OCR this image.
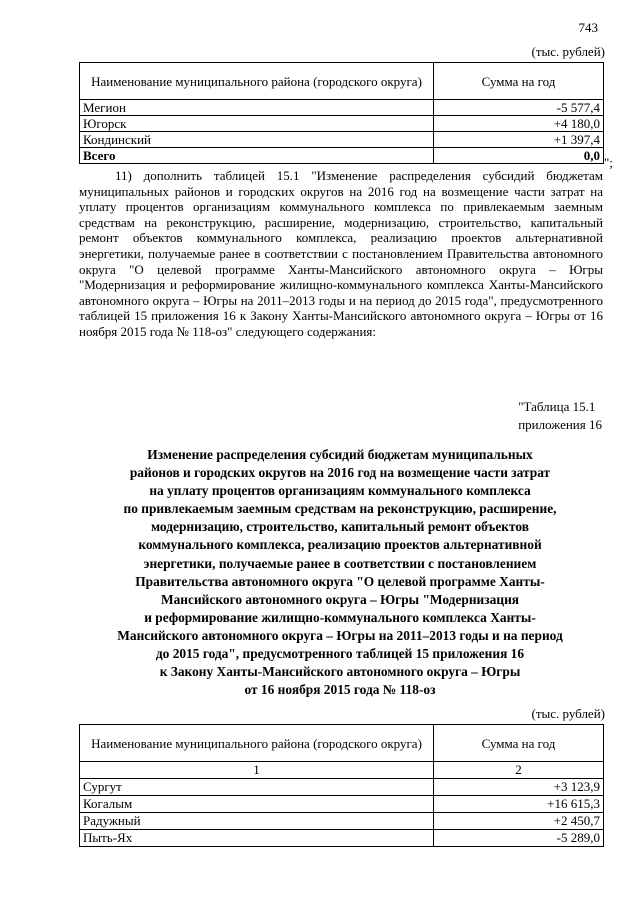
743
(тыс. рублей)
Наименование муниципального района (городского округа)	Сумма на год
Мегион	-5 577,4
Югорск	+4 180,0
Кондинский	+1 397,4
Всего	0,0 ";
11) дополнить таблицей 15.1 "Изменение распределения субсидий бюджетам муниципальных районов и городских округов на 2016 год на возмещение части затрат на уплату процентов организациям коммунального комплекса по привлекаемым заемным средствам на реконструкцию, расширение, модернизацию, строительство, капитальный ремонт объектов коммунального комплекса, реализацию проектов альтернативной энергетики, получаемые ранее в соответствии с постановлением Правительства автономного округа "О целевой программе Ханты-Мансийского автономного округа – Югры "Модернизация и реформирование жилищно-коммунального комплекса Ханты-Мансийского автономного округа – Югры на 2011–2013 годы и на период до 2015 года", предусмотренного таблицей 15 приложения 16 к Закону Ханты-Мансийского автономного округа – Югры от 16 ноября 2015 года № 118-оз" следующего содержания:
"Таблица 15.1
приложения 16
Изменение распределения субсидий бюджетам муниципальных
районов и городских округов на 2016 год на возмещение части затрат
на уплату процентов организациям коммунального комплекса
по привлекаемым заемным средствам на реконструкцию, расширение,
модернизацию, строительство, капитальный ремонт объектов
коммунального комплекса, реализацию проектов альтернативной
энергетики, получаемые ранее в соответствии с постановлением
Правительства автономного округа "О целевой программе Ханты-
Мансийского автономного округа – Югры "Модернизация
и реформирование жилищно-коммунального комплекса Ханты-
Мансийского автономного округа – Югры на 2011–2013 годы и на период
до 2015 года", предусмотренного таблицей 15 приложения 16
к Закону Ханты-Мансийского автономного округа – Югры
от 16 ноября 2015 года № 118-оз
(тыс. рублей)
Наименование муниципального района (городского округа)	Сумма на год
1	2
Сургут	+3 123,9
Когалым	+16 615,3
Радужный	+2 450,7
Пыть-Ях	-5 289,0
